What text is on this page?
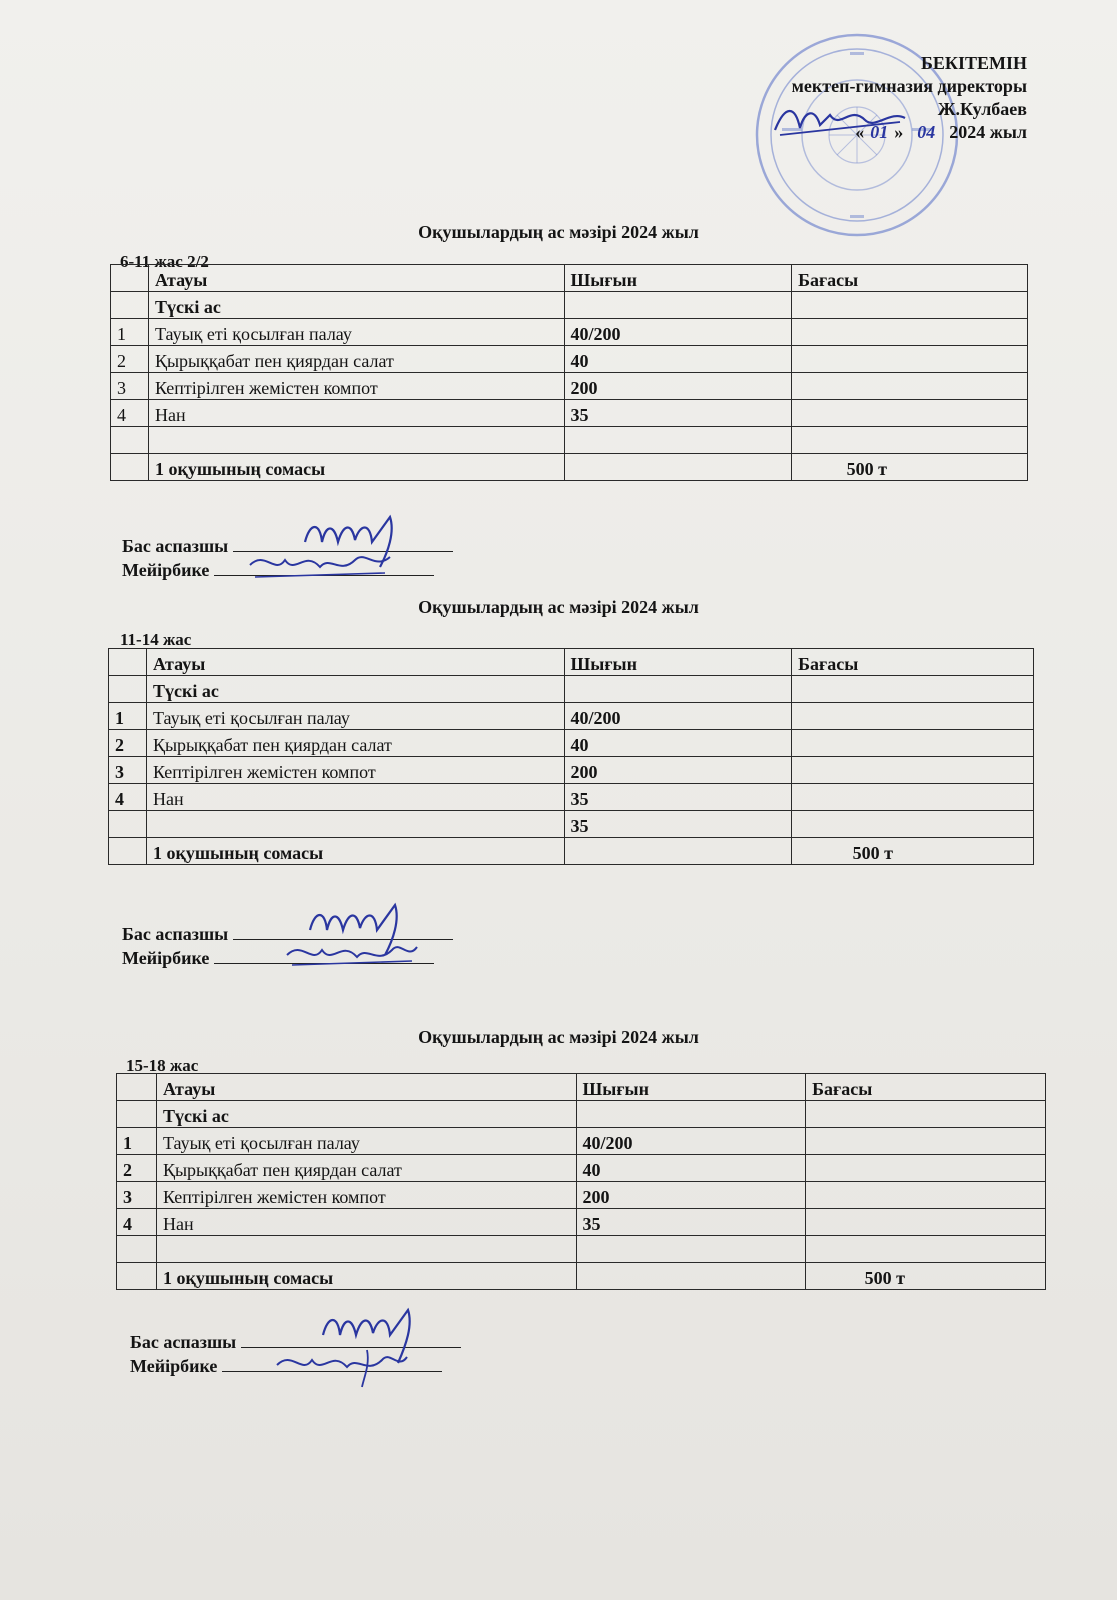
БЕКІТЕМІН
мектеп-гимназия директоры
Ж.Кулбаев
« 01 » 04 2024 жыл
Оқушылардың ас мәзірі 2024 жыл
6-11 жас 2/2
	Атауы	Шығын	Бағасы
	Түскі ас		
1	Тауық еті қосылған палау	40/200	
2	Қырыққабат пен қиярдан салат	40	
3	Кептірілген жемістен компот	200	
4	Нан	35	

	1 оқушының сомасы		500 т
Бас аспазшы
Мейірбике
Оқушылардың ас мәзірі 2024 жыл
11-14 жас
	Атауы	Шығын	Бағасы
	Түскі ас		
1	Тауық еті қосылған палау	40/200	
2	Қырыққабат пен қиярдан салат	40	
3	Кептірілген жемістен компот	200	
4	Нан	35	
		35	
	1 оқушының сомасы		500 т
Бас аспазшы
Мейірбике
Оқушылардың ас мәзірі 2024 жыл
15-18 жас
	Атауы	Шығын	Бағасы
	Түскі ас		
1	Тауық еті қосылған палау	40/200	
2	Қырыққабат пен қиярдан салат	40	
3	Кептірілген жемістен компот	200	
4	Нан	35	

	1 оқушының сомасы		500 т
Бас аспазшы
Мейірбике
